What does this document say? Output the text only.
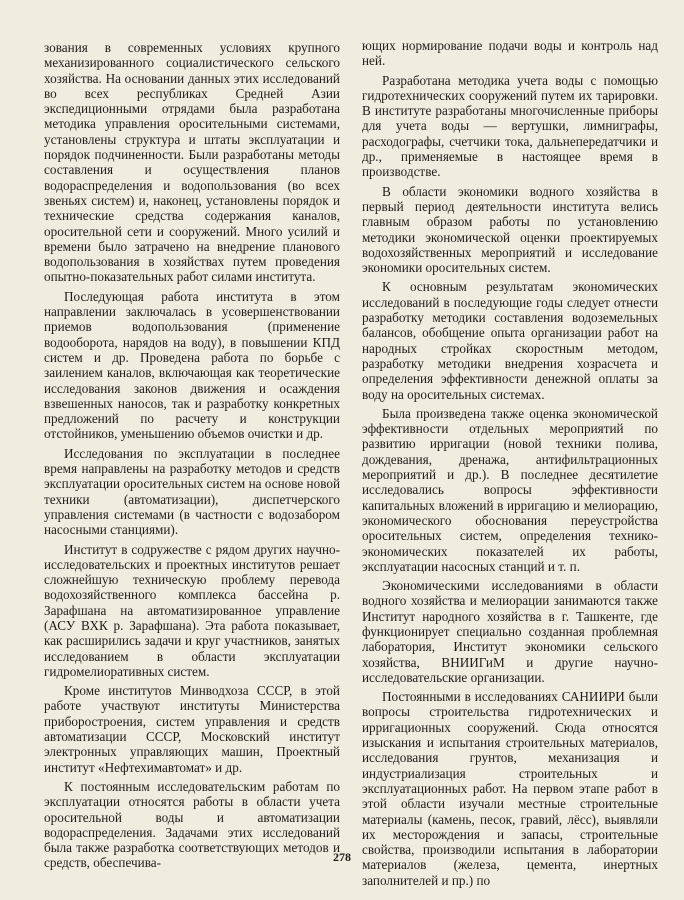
зования в современных условиях крупного механизированного социалистического сельского хозяйства. На основании данных этих исследований во всех республиках Средней Азии экспедиционными отрядами была разработана методика управления оросительными системами, установлены структура и штаты эксплуатации и порядок подчиненности. Были разработаны методы составления и осуществления планов водораспределения и водопользования (во всех звеньях систем) и, наконец, установлены порядок и технические средства содержания каналов, оросительной сети и сооружений. Много усилий и времени было затрачено на внедрение планового водопользования в хозяйствах путем проведения опытно-показательных работ силами института.

Последующая работа института в этом направлении заключалась в усовершенствовании приемов водопользования (применение водооборота, нарядов на воду), в повышении КПД систем и др. Проведена работа по борьбе с заилением каналов, включающая как теоретические исследования законов движения и осаждения взвешенных наносов, так и разработку конкретных предложений по расчету и конструкции отстойников, уменьшению объемов очистки и др.

Исследования по эксплуатации в последнее время направлены на разработку методов и средств эксплуатации оросительных систем на основе новой техники (автоматизации), диспетчерского управления системами (в частности с водозабором насосными станциями).

Институт в содружестве с рядом других научно-исследовательских и проектных институтов решает сложнейшую техническую проблему перевода водохозяйственного комплекса бассейна р. Зарафшана на автоматизированное управление (АСУ ВХК р. Зарафшана). Эта работа показывает, как расширились задачи и круг участников, занятых исследованием в области эксплуатации гидромелиоративных систем.

Кроме институтов Минводхоза СССР, в этой работе участвуют институты Министерства приборостроения, систем управления и средств автоматизации СССР, Московский институт электронных управляющих машин, Проектный институт «Нефтехимавтомат» и др.

К постоянным исследовательским работам по эксплуатации относятся работы в области учета оросительной воды и автоматизации водораспределения. Задачами этих исследований была также разработка соответствующих методов и средств, обеспечива-

ющих нормирование подачи воды и контроль над ней.

Разработана методика учета воды с помощью гидротехнических сооружений путем их тарировки. В институте разработаны многочисленные приборы для учета воды — вертушки, лимниграфы, расходографы, счетчики тока, дальнепередатчики и др., применяемые в настоящее время в производстве.

В области экономики водного хозяйства в первый период деятельности института велись главным образом работы по установлению методики экономической оценки проектируемых водохозяйственных мероприятий и исследование экономики оросительных систем.

К основным результатам экономических исследований в последующие годы следует отнести разработку методики составления водоземельных балансов, обобщение опыта организации работ на народных стройках скоростным методом, разработку методики внедрения хозрасчета и определения эффективности денежной оплаты за воду на оросительных системах.

Была произведена также оценка экономической эффективности отдельных мероприятий по развитию ирригации (новой техники полива, дождевания, дренажа, антифильтрационных мероприятий и др.). В последнее десятилетие исследовались вопросы эффективности капитальных вложений в ирригацию и мелиорацию, экономического обоснования переустройства оросительных систем, определения технико-экономических показателей их работы, эксплуатации насосных станций и т. п.

Экономическими исследованиями в области водного хозяйства и мелиорации занимаются также Институт народного хозяйства в г. Ташкенте, где функционирует специально созданная проблемная лаборатория, Институт экономики сельского хозяйства, ВНИИГиМ и другие научно-исследовательские организации.

Постоянными в исследованиях САНИИРИ были вопросы строительства гидротехнических и ирригационных сооружений. Сюда относятся изыскания и испытания строительных материалов, исследования грунтов, механизация и индустриализация строительных и эксплуатационных работ. На первом этапе работ в этой области изучали местные строительные материалы (камень, песок, гравий, лёсс), выявляли их месторождения и запасы, строительные свойства, производили испытания в лаборатории материалов (железа, цемента, инертных заполнителей и пр.) по

278
